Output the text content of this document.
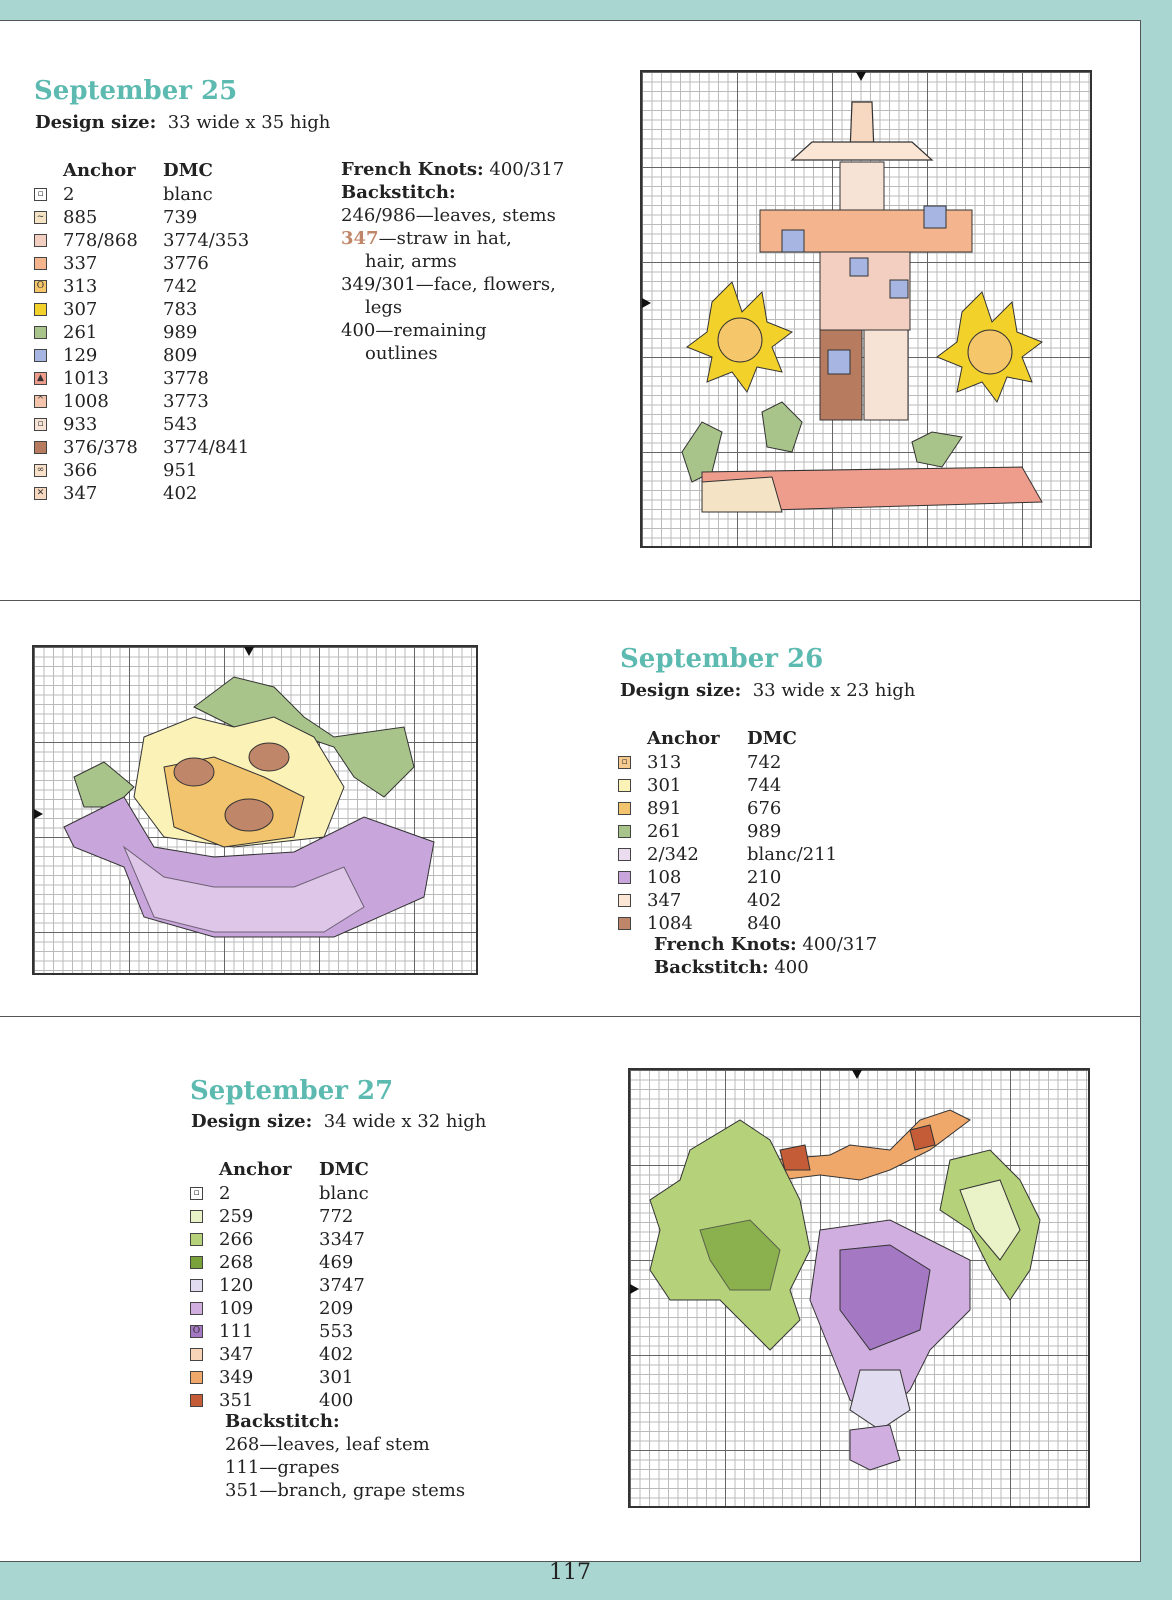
September 25
Design size: 33 wide x 35 high
Anchor	DMC
▫ 2	blanc
~ 885	739
778/868	3774/353
337	3776
O 313	742
307	783
261	989
129	809
▲ 1013	3778
^ 1008	3773
▫ 933	543
376/378	3774/841
∞ 366	951
✕ 347	402
French Knots: 400/317
Backstitch:
246/986—leaves, stems
347—straw in hat,
hair, arms
349/301—face, flowers,
legs
400—remaining
outlines
September 26
Design size: 33 wide x 23 high
Anchor	DMC
▫ 313	742
301	744
891	676
261	989
2/342	blanc/211
108	210
347	402
1084	840
French Knots: 400/317
Backstitch: 400
September 27
Design size: 34 wide x 32 high
Anchor	DMC
▫ 2	blanc
259	772
266	3347
268	469
120	3747
109	209
O 111	553
347	402
349	301
351	400
Backstitch:
268—leaves, leaf stem
111—grapes
351—branch, grape stems
117
